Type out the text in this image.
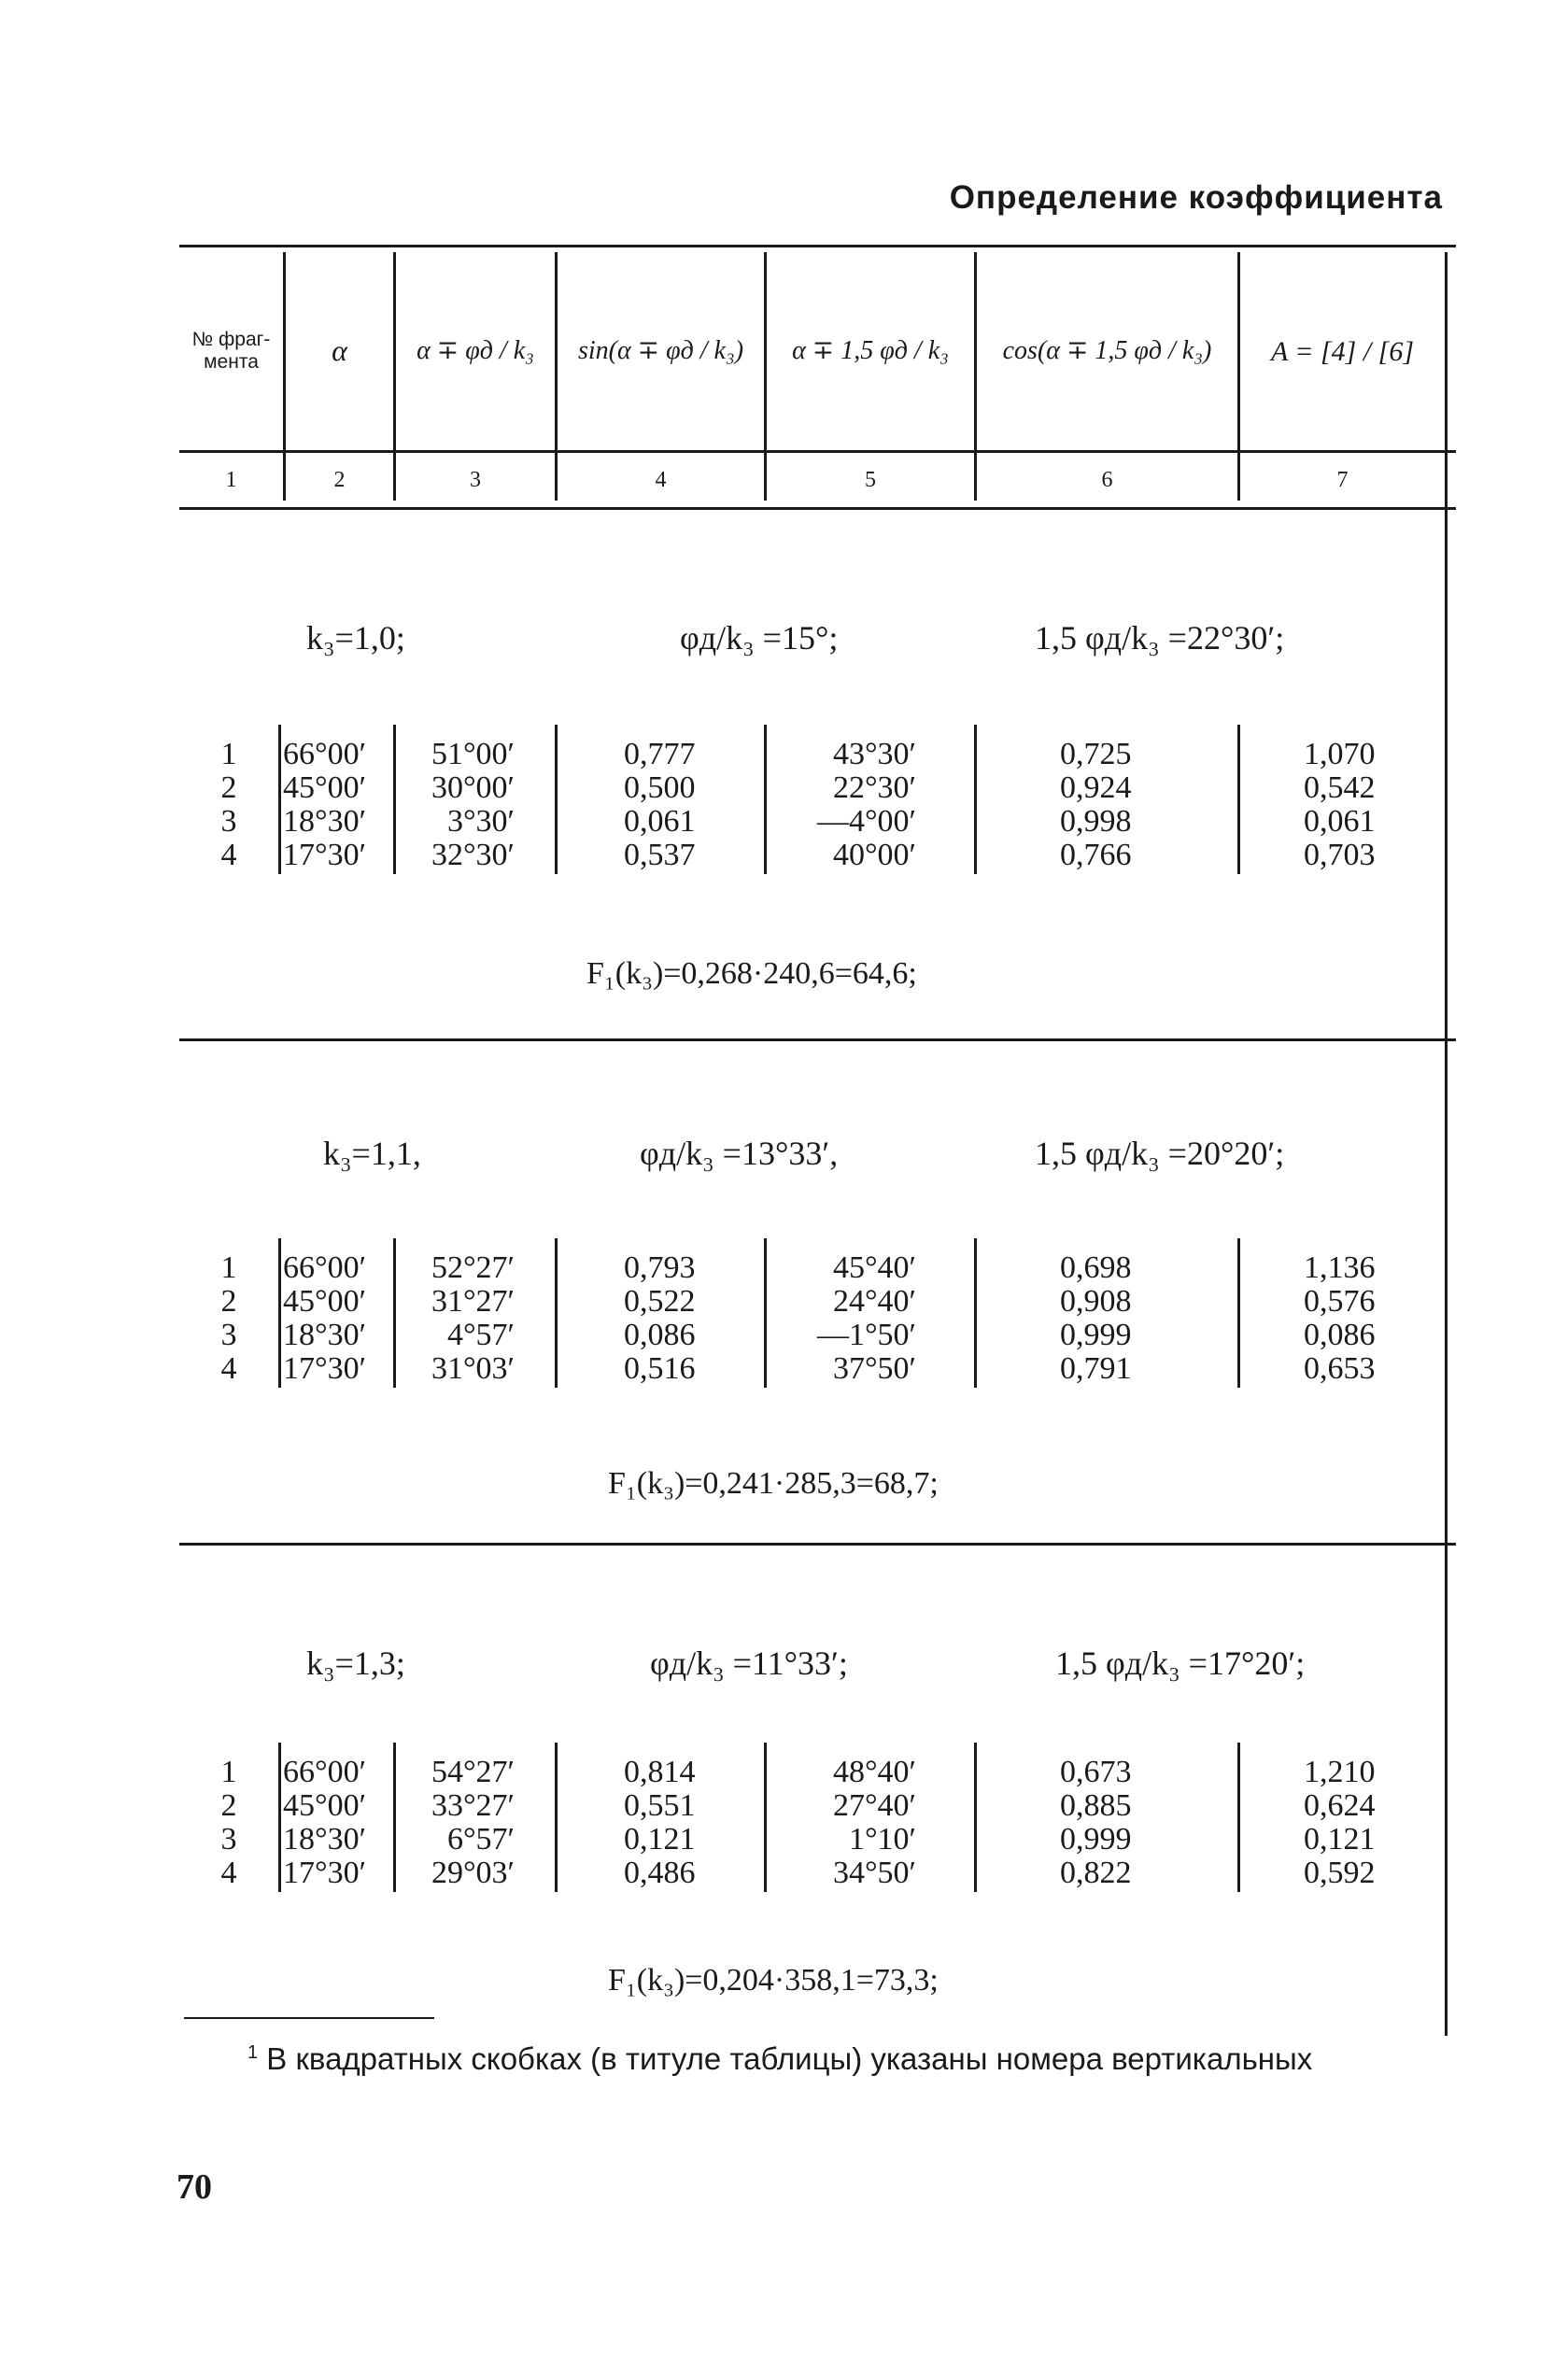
Определение коэффициента
№ фраг- мента	α	α ∓ φд / k₃	sin(α ∓ φд / k₃)	α ∓ 1,5 φд / k₃	cos(α ∓ 1,5 φд / k₃)	A = [4] / [6]
1	2	3	4	5	6	7
k₃=1,0;	φд/k₃ =15°;	1,5 φд/k₃ =22°30′;
1	66°00′ 51°00′	0,777	43°30′	0,725	1,070
2	45°00′ 30°00′	0,500	22°30′	0,924	0,542
3	18°30′	3°30′	0,061	—4°00′	0,998	0,061
4	17°30′ 32°30′	0,537	40°00′	0,766	0,703
F₁(k₃)=0,268·240,6=64,6;
k₃=1,1,	φд/k₃ =13°33′,	1,5 φд/k₃ =20°20′;
1	66°00′ 52°27′	0,793	45°40′	0,698	1,136
2	45°00′ 31°27′	0,522	24°40′	0,908	0,576
3	18°30′	4°57′	0,086	—1°50′	0,999	0,086
4	17°30′ 31°03′	0,516	37°50′	0,791	0,653
F₁(k₃)=0,241·285,3=68,7;
k₃=1,3;	φд/k₃ =11°33′;	1,5 φд/k₃ =17°20′;
1	66°00′ 54°27′	0,814	48°40′	0,673	1,210
2	45°00′ 33°27′	0,551	27°40′	0,885	0,624
3	18°30′	6°57′	0,121	1°10′	0,999	0,121
4	17°30′ 29°03′	0,486	34°50′	0,822	0,592
F₁(k₃)=0,204·358,1=73,3;
$^1$ В квадратных скобках (в титуле таблицы) указаны номера вертикальных
70
